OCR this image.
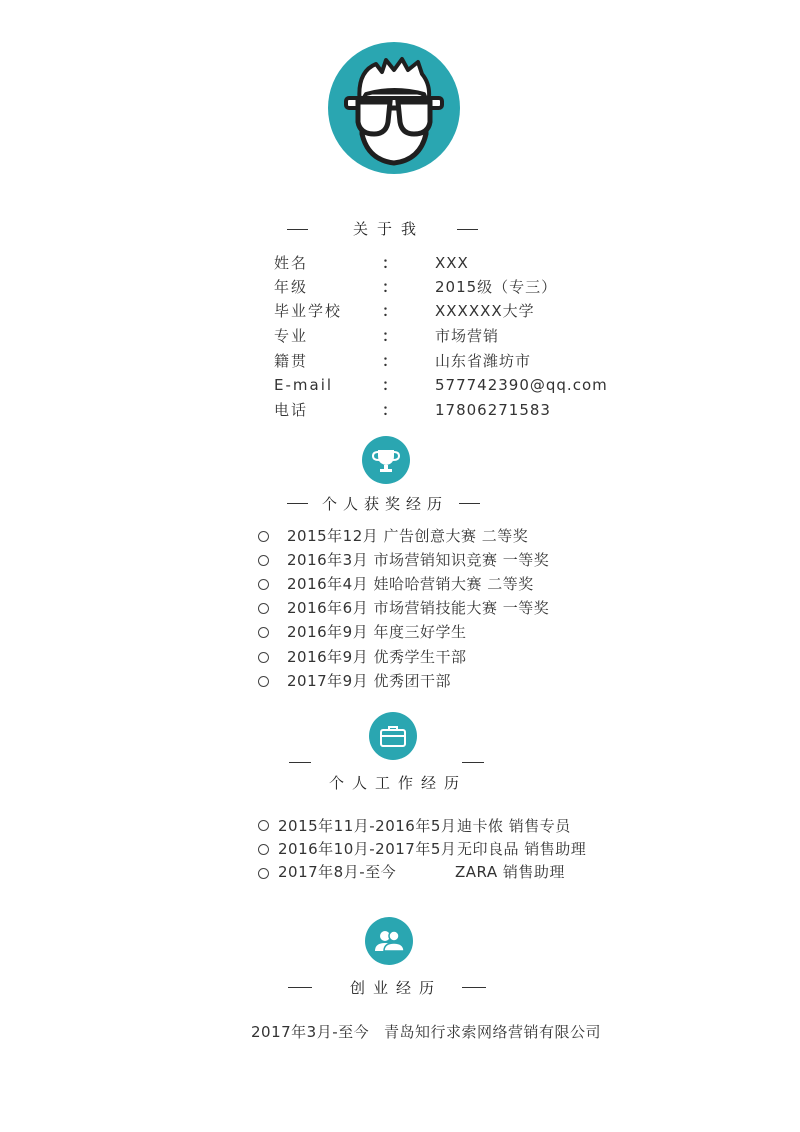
关于我
姓名	：	XXX
年级	：	2015级（专三）
毕业学校	：	XXXXXX大学
专业	：	市场营销
籍贯	：	山东省潍坊市
E-mail	：	577742390@qq.com
电话	：	17806271583
个人获奖经历
2015年12月 广告创意大赛 二等奖
2016年3月 市场营销知识竞赛 一等奖
2016年4月 娃哈哈营销大赛 二等奖
2016年6月 市场营销技能大赛 一等奖
2016年9月 年度三好学生
2016年9月 优秀学生干部
2017年9月 优秀团干部
个人工作经历
2015年11月-2016年5月 迪卡侬 销售专员
2016年10月-2017年5月 无印良品 销售助理
2017年8月-至今	ZARA 销售助理
创业经历
2017年3月-至今 青岛知行求索网络营销有限公司
